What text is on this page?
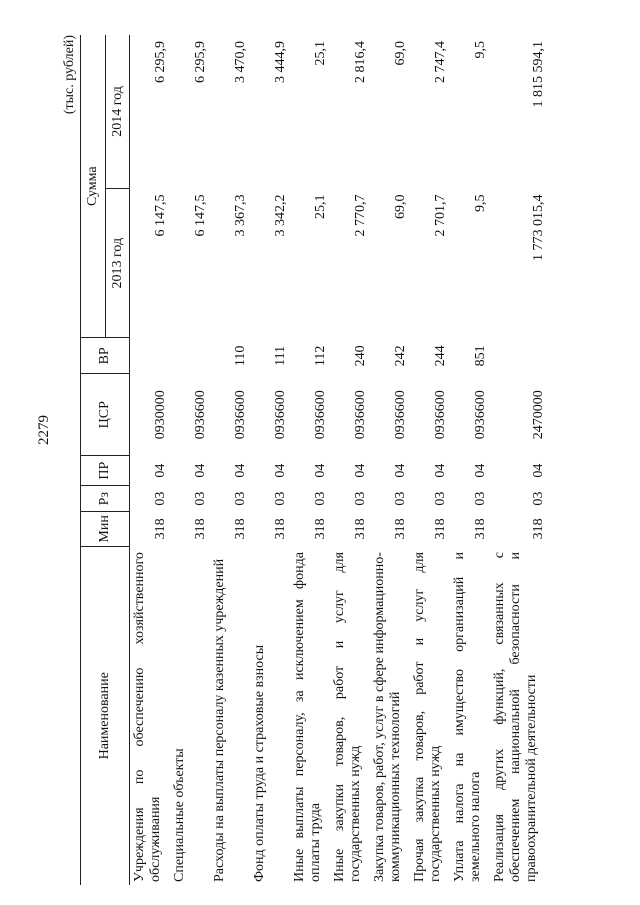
2279
(тыс. рублей)
Наименование	Мин	Рз	ПР	ЦСР	ВР	Сумма	
						2013 год	2014 год
Учреждения по обеспечению хозяйственного обслуживания	318	03	04	0930000		6 147,5	6 295,9
Специальные объекты	318	03	04	0936600		6 147,5	6 295,9
Расходы на выплаты персоналу казенных учреждений	318	03	04	0936600	110	3 367,3	3 470,0
Фонд оплаты труда и страховые взносы	318	03	04	0936600	111	3 342,2	3 444,9
Иные выплаты персоналу, за исключением фонда оплаты труда	318	03	04	0936600	112	25,1	25,1
Иные закупки товаров, работ и услуг для государственных нужд	318	03	04	0936600	240	2 770,7	2 816,4
Закупка товаров, работ, услуг в сфере информационно-коммуникационных технологий	318	03	04	0936600	242	69,0	69,0
Прочая закупка товаров, работ и услуг для государственных нужд	318	03	04	0936600	244	2 701,7	2 747,4
Уплата налога на имущество организаций и земельного налога	318	03	04	0936600	851	9,5	9,5
Реализация других функций, связанных с обеспечением национальной безопасности и правоохранительной деятельности	318	03	04	2470000		1 773 015,4	1 815 594,1
